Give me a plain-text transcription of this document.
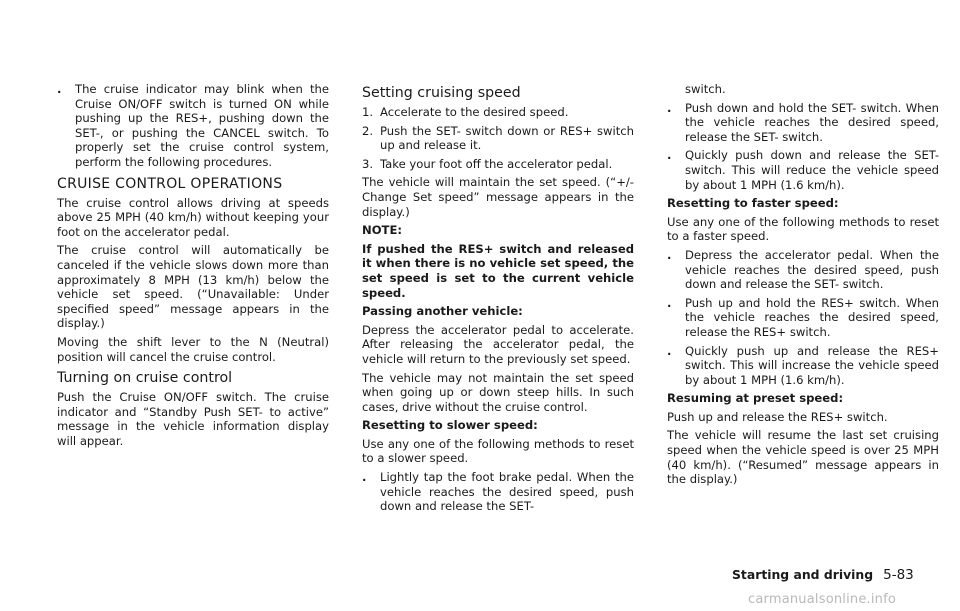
.	The cruise indicator may blink when the Cruise ON/OFF switch is turned ON while pushing up the RES+, pushing down the SET-, or pushing the CANCEL switch. To properly set the cruise control system, perform the following procedures.
CRUISE CONTROL OPERATIONS

The cruise control allows driving at speeds above 25 MPH (40 km/h) without keeping your foot on the accelerator pedal.

The cruise control will automatically be canceled if the vehicle slows down more than approximately 8 MPH (13 km/h) below the vehicle set speed. (“Unavailable: Under specified speed” message appears in the display.)

Moving the shift lever to the N (Neutral) position will cancel the cruise control.

Turning on cruise control

Push the Cruise ON/OFF switch. The cruise indicator and “Standby Push SET- to active” message in the vehicle information display will appear.

Setting cruising speed
1. Accelerate to the desired speed.
2. Push the SET- switch down or RES+ switch up and release it.
3. Take your foot off the accelerator pedal.

The vehicle will maintain the set speed. (“+/- Change Set speed” message appears in the display.)

NOTE:

If pushed the RES+ switch and released it when there is no vehicle set speed, the set speed is set to the current vehicle speed.

Passing another vehicle:

Depress the accelerator pedal to accelerate. After releasing the accelerator pedal, the vehicle will return to the previously set speed.

The vehicle may not maintain the set speed when going up or down steep hills. In such cases, drive without the cruise control.

Resetting to slower speed:

Use any one of the following methods to reset to a slower speed.

.	Lightly tap the foot brake pedal. When the vehicle reaches the desired speed, push down and release the SET-

switch.

.	Push down and hold the SET- switch. When the vehicle reaches the desired speed, release the SET- switch.
.	Quickly push down and release the SET- switch. This will reduce the vehicle speed by about 1 MPH (1.6 km/h).

Resetting to faster speed:

Use any one of the following methods to reset to a faster speed.

.	Depress the accelerator pedal. When the vehicle reaches the desired speed, push down and release the SET- switch.
.	Push up and hold the RES+ switch. When the vehicle reaches the desired speed, release the RES+ switch.
.	Quickly push up and release the RES+ switch. This will increase the vehicle speed by about 1 MPH (1.6 km/h).

Resuming at preset speed:

Push up and release the RES+ switch.

The vehicle will resume the last set cruising speed when the vehicle speed is over 25 MPH (40 km/h). (“Resumed” message appears in the display.)

Starting and driving 5-83
carmanualsonline.info
